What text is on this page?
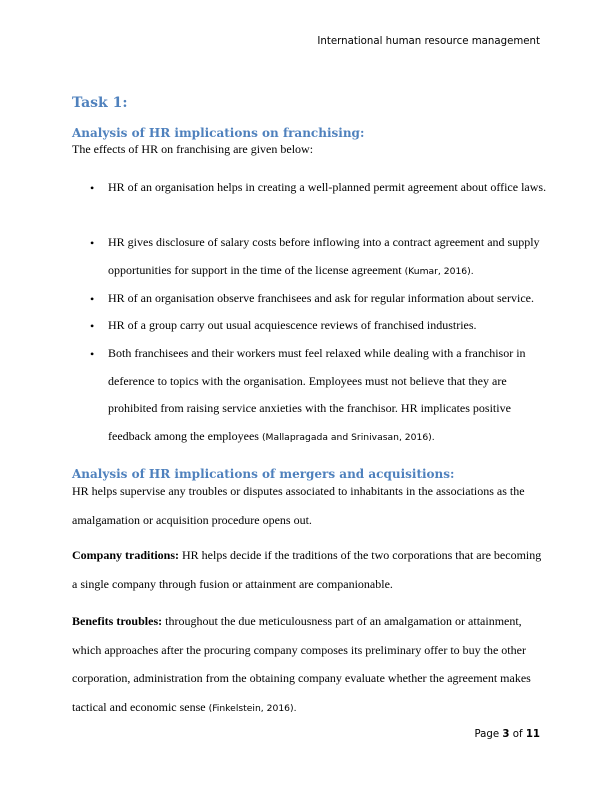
International human resource management
Task 1:
Analysis of HR implications on franchising:
The effects of HR on franchising are given below:
• HR of an organisation helps in creating a well-planned permit agreement about office laws.
• HR gives disclosure of salary costs before inflowing into a contract agreement and supply opportunities for support in the time of the license agreement (Kumar, 2016).
• HR of an organisation observe franchisees and ask for regular information about service.
• HR of a group carry out usual acquiescence reviews of franchised industries.
• Both franchisees and their workers must feel relaxed while dealing with a franchisor in deference to topics with the organisation. Employees must not believe that they are prohibited from raising service anxieties with the franchisor. HR implicates positive feedback among the employees (Mallapragada and Srinivasan, 2016).
Analysis of HR implications of mergers and acquisitions:
HR helps supervise any troubles or disputes associated to inhabitants in the associations as the amalgamation or acquisition procedure opens out.
Company traditions: HR helps decide if the traditions of the two corporations that are becoming a single company through fusion or attainment are companionable.
Benefits troubles: throughout the due meticulousness part of an amalgamation or attainment, which approaches after the procuring company composes its preliminary offer to buy the other corporation, administration from the obtaining company evaluate whether the agreement makes tactical and economic sense (Finkelstein, 2016).
Page 3 of 11
